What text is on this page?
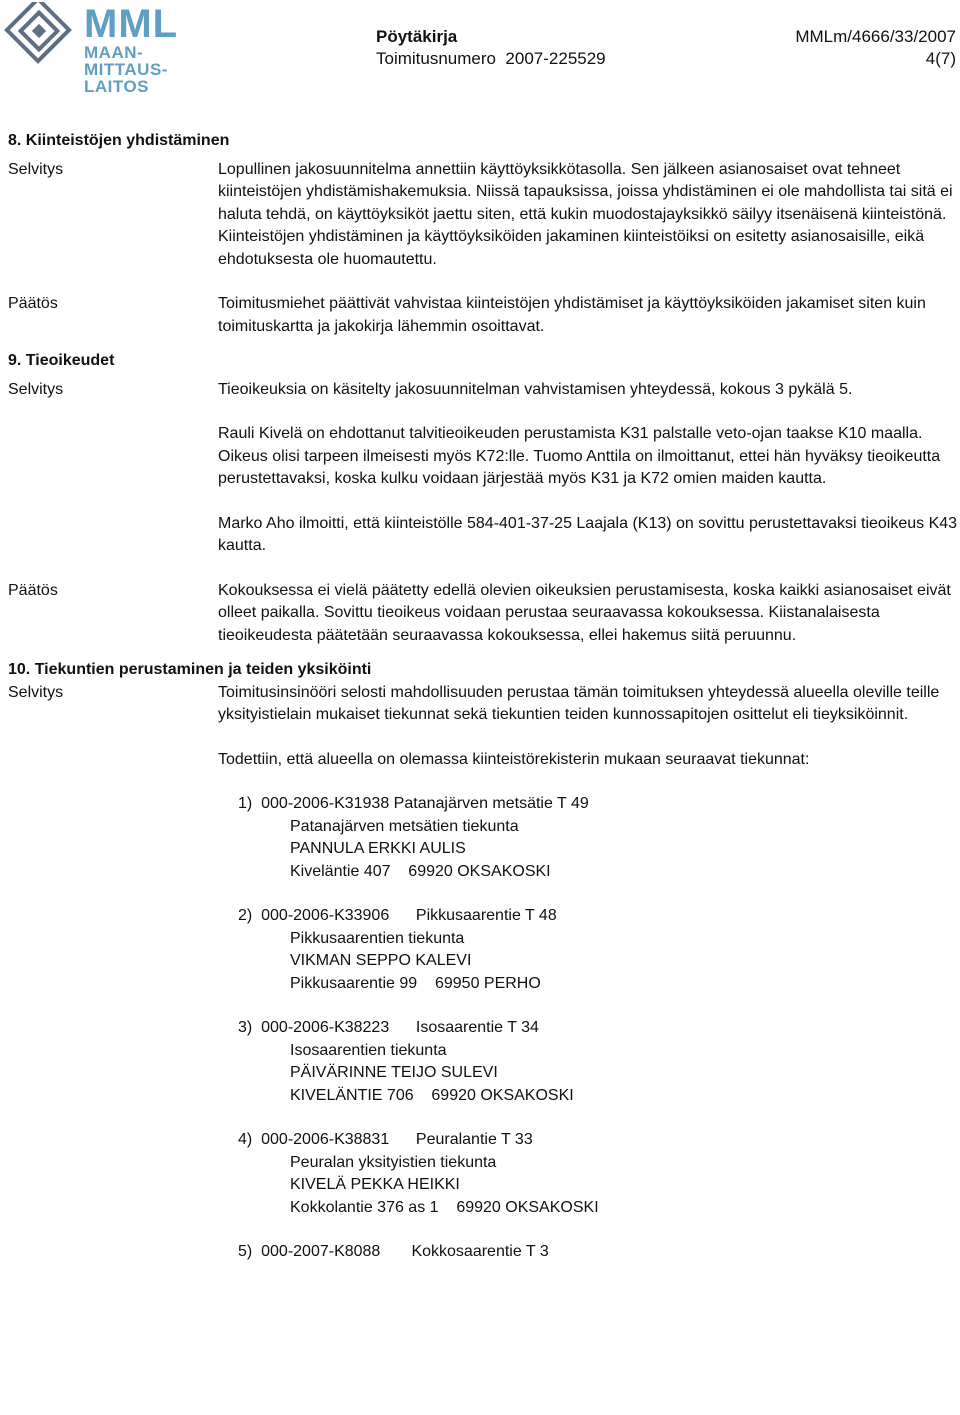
MML
MAAN-
MITTAUS-
LAITOS
Pöytäkirja
Toimitusnumero  2007-225529
MMLm/4666/33/2007
4(7)
8. Kiinteistöjen yhdistäminen
Selvitys	Lopullinen jakosuunnitelma annettiin käyttöyksikkötasolla. Sen jälkeen asianosaiset ovat tehneet kiinteistöjen yhdistämishakemuksia. Niissä tapauksissa, joissa yhdistäminen ei ole mahdollista tai sitä ei haluta tehdä, on käyttöyksiköt jaettu siten, että kukin muodostajayksikkö säilyy itsenäisenä kiinteistönä. Kiinteistöjen yhdistäminen ja käyttöyksiköiden jakaminen kiinteistöiksi on esitetty asianosaisille, eikä ehdotuksesta ole huomautettu.
Päätös	Toimitusmiehet päättivät vahvistaa kiinteistöjen yhdistämiset ja käyttöyksiköiden jakamiset siten kuin toimituskartta ja jakokirja lähemmin osoittavat.
9. Tieoikeudet
Selvitys	Tieoikeuksia on käsitelty jakosuunnitelman vahvistamisen yhteydessä, kokous 3 pykälä 5.
Rauli Kivelä on ehdottanut talvitieoikeuden perustamista K31 palstalle veto-ojan taakse K10 maalla. Oikeus olisi tarpeen ilmeisesti myös K72:lle. Tuomo Anttila on ilmoittanut, ettei hän hyväksy tieoikeutta perustettavaksi, koska kulku voidaan järjestää myös K31 ja K72 omien maiden kautta.
Marko Aho ilmoitti, että kiinteistölle 584-401-37-25 Laajala (K13) on sovittu perustettavaksi tieoikeus K43 kautta.
Päätös	Kokouksessa ei vielä päätetty edellä olevien oikeuksien perustamisesta, koska kaikki asianosaiset eivät olleet paikalla. Sovittu tieoikeus voidaan perustaa seuraavassa kokouksessa. Kiistanalaisesta tieoikeudesta päätetään seuraavassa kokouksessa, ellei hakemus siitä peruunnu.
10. Tiekuntien perustaminen ja teiden yksiköinti
Selvitys	Toimitusinsinööri selosti mahdollisuuden perustaa tämän toimituksen yhteydessä alueella oleville teille yksityistielain mukaiset tiekunnat sekä tiekuntien teiden kunnossapitojen osittelut eli tieyksiköinnit.
Todettiin, että alueella on olemassa kiinteistörekisterin mukaan seuraavat tiekunnat:
1)  000-2006-K31938 Patanajärven metsätie T 49
Patanajärven metsätien tiekunta
PANNULA ERKKI AULIS
Kiveläntie 407    69920 OKSAKOSKI
2)  000-2006-K33906      Pikkusaarentie T 48
Pikkusaarentien tiekunta
VIKMAN SEPPO KALEVI
Pikkusaarentie 99    69950 PERHO
3)  000-2006-K38223      Isosaarentie T 34
Isosaarentien tiekunta
PÄIVÄRINNE TEIJO SULEVI
KIVELÄNTIE 706    69920 OKSAKOSKI
4)  000-2006-K38831      Peuralantie T 33
Peuralan yksityistien tiekunta
KIVELÄ PEKKA HEIKKI
Kokkolantie 376 as 1    69920 OKSAKOSKI
5)  000-2007-K8088       Kokkosaarentie T 3
